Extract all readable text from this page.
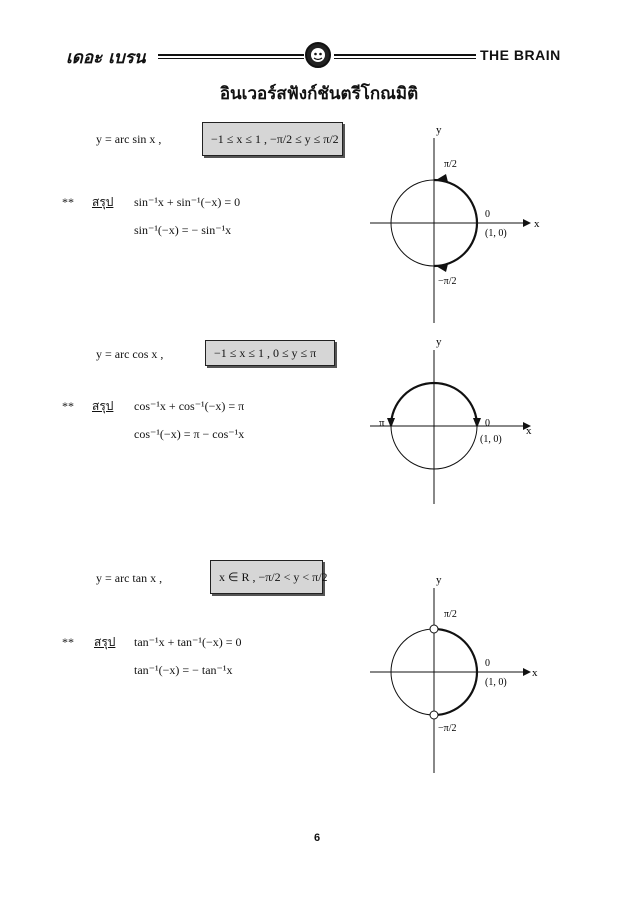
เดอะ เบรน	THE BRAIN
อินเวอร์สฟังก์ชันตรีโกณมิติ
y = arc sin x ,	−1 ≤ x ≤ 1 , −π/2 ≤ y ≤ π/2
** สรุป sin⁻¹x + sin⁻¹(−x) = 0
sin⁻¹(−x) = − sin⁻¹x
y
x
π/2
−π/2
0
(1, 0)
y = arc cos x ,	−1 ≤ x ≤ 1 , 0 ≤ y ≤ π
** สรุป cos⁻¹x + cos⁻¹(−x) = π
cos⁻¹(−x) = π − cos⁻¹x
y
x
π	0
(1, 0)
y = arc tan x ,	x ∈ R , −π/2 < y < π/2
** สรุป tan⁻¹x + tan⁻¹(−x) = 0
tan⁻¹(−x) = − tan⁻¹x
y
x
π/2
−π/2
0
(1, 0)
6
